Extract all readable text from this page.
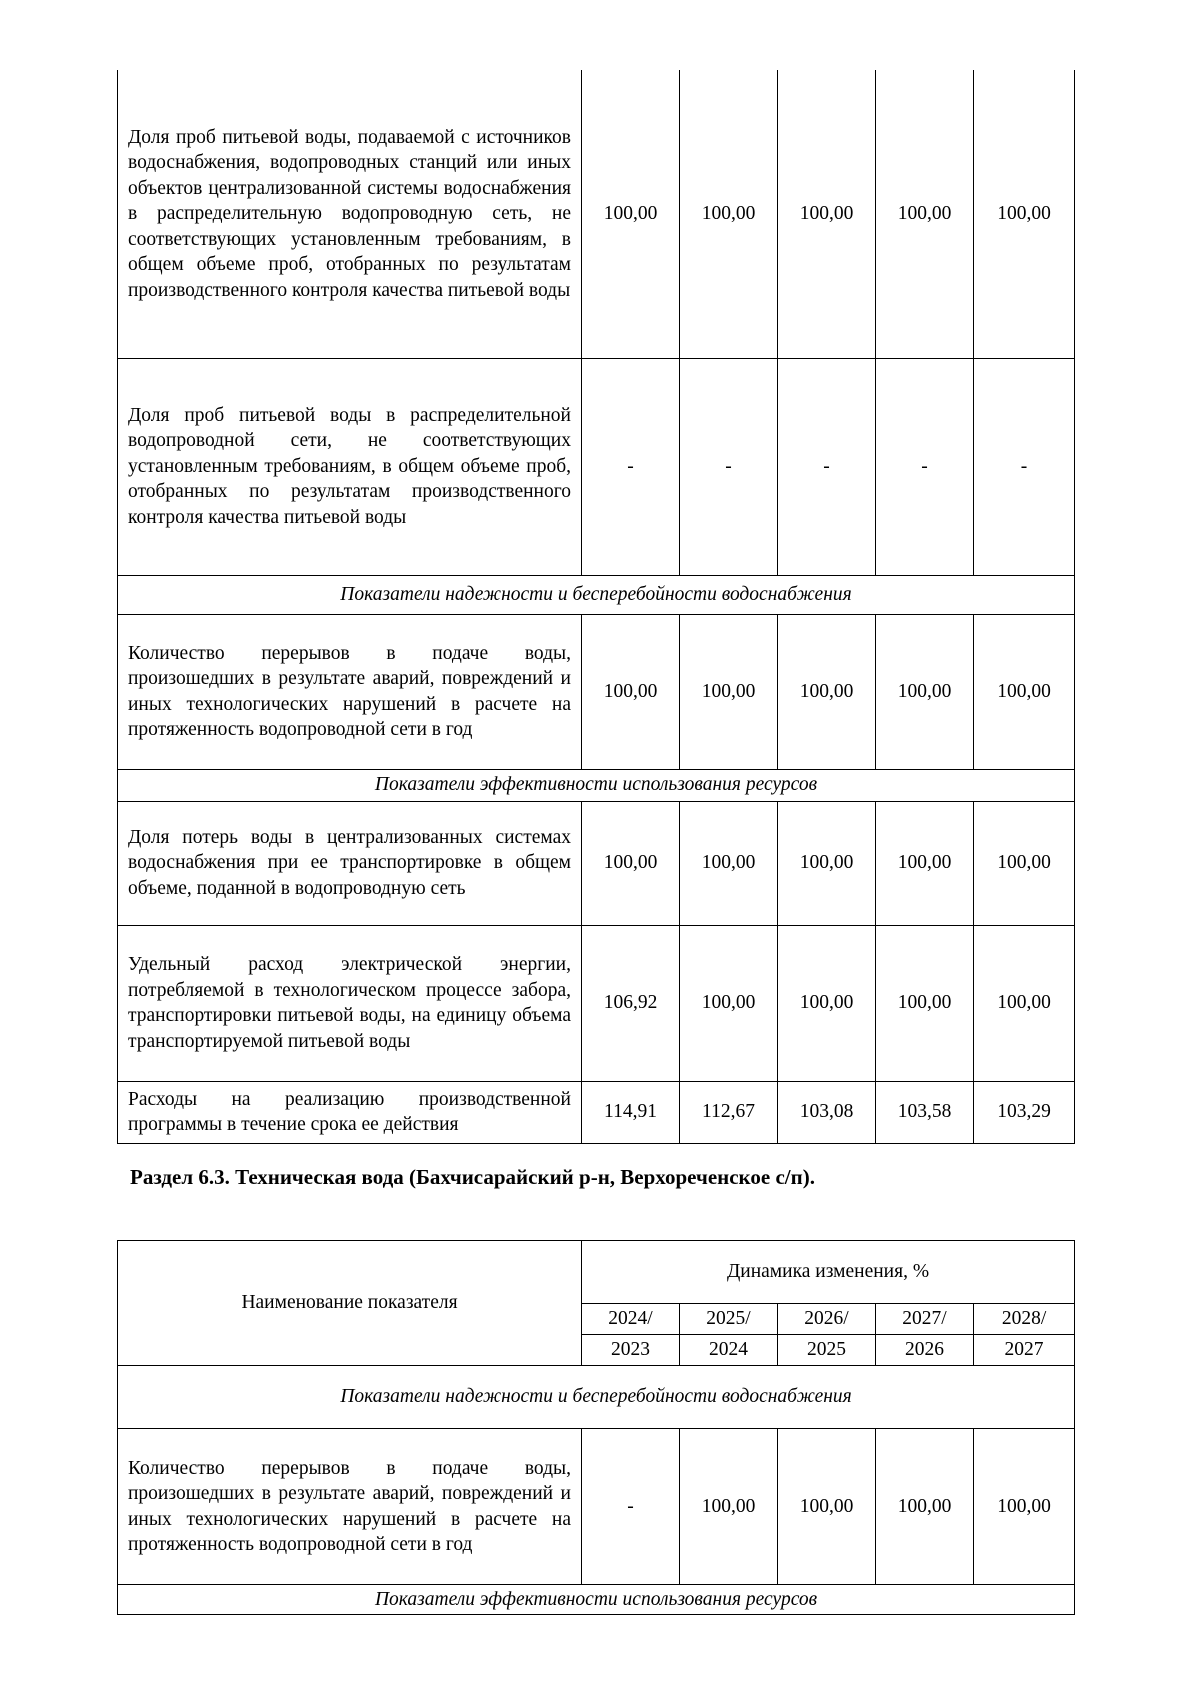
Доля проб питьевой воды, подаваемой с источников водоснабжения, водопроводных станций или иных объектов централизованной системы водоснабжения в распределительную водопроводную сеть, не соответствующих установленным требованиям, в общем объеме проб, отобранных по результатам производственного контроля качества питьевой воды	100,00	100,00	100,00	100,00	100,00
Доля проб питьевой воды в распределительной водопроводной сети, не соответствующих установленным требованиям, в общем объеме проб, отобранных по результатам производственного контроля качества питьевой воды	-	-	-	-	-
Показатели надежности и бесперебойности водоснабжения					
Количество перерывов в подаче воды, произошедших в результате аварий, повреждений и иных технологических нарушений в расчете на протяженность водопроводной сети в год	100,00	100,00	100,00	100,00	100,00
Показатели эффективности использования ресурсов					
Доля потерь воды в централизованных системах водоснабжения при ее транспортировке в общем объеме, поданной в водопроводную сеть	100,00	100,00	100,00	100,00	100,00
Удельный расход электрической энергии, потребляемой в технологическом процессе забора, транспортировки питьевой воды, на единицу объема транспортируемой питьевой воды	106,92	100,00	100,00	100,00	100,00
Расходы на реализацию производственной программы в течение срока ее действия	114,91	112,67	103,08	103,58	103,29
Раздел 6.3. Техническая вода (Бахчисарайский р-н, Верхореченское с/п).
Наименование показателя	Динамика изменения, %				
	2024/	2025/	2026/	2027/	2028/
	2023	2024	2025	2026	2027
Показатели надежности и бесперебойности водоснабжения					
Количество перерывов в подаче воды, произошедших в результате аварий, повреждений и иных технологических нарушений в расчете на протяженность водопроводной сети в год	-	100,00	100,00	100,00	100,00
Показатели эффективности использования ресурсов					
